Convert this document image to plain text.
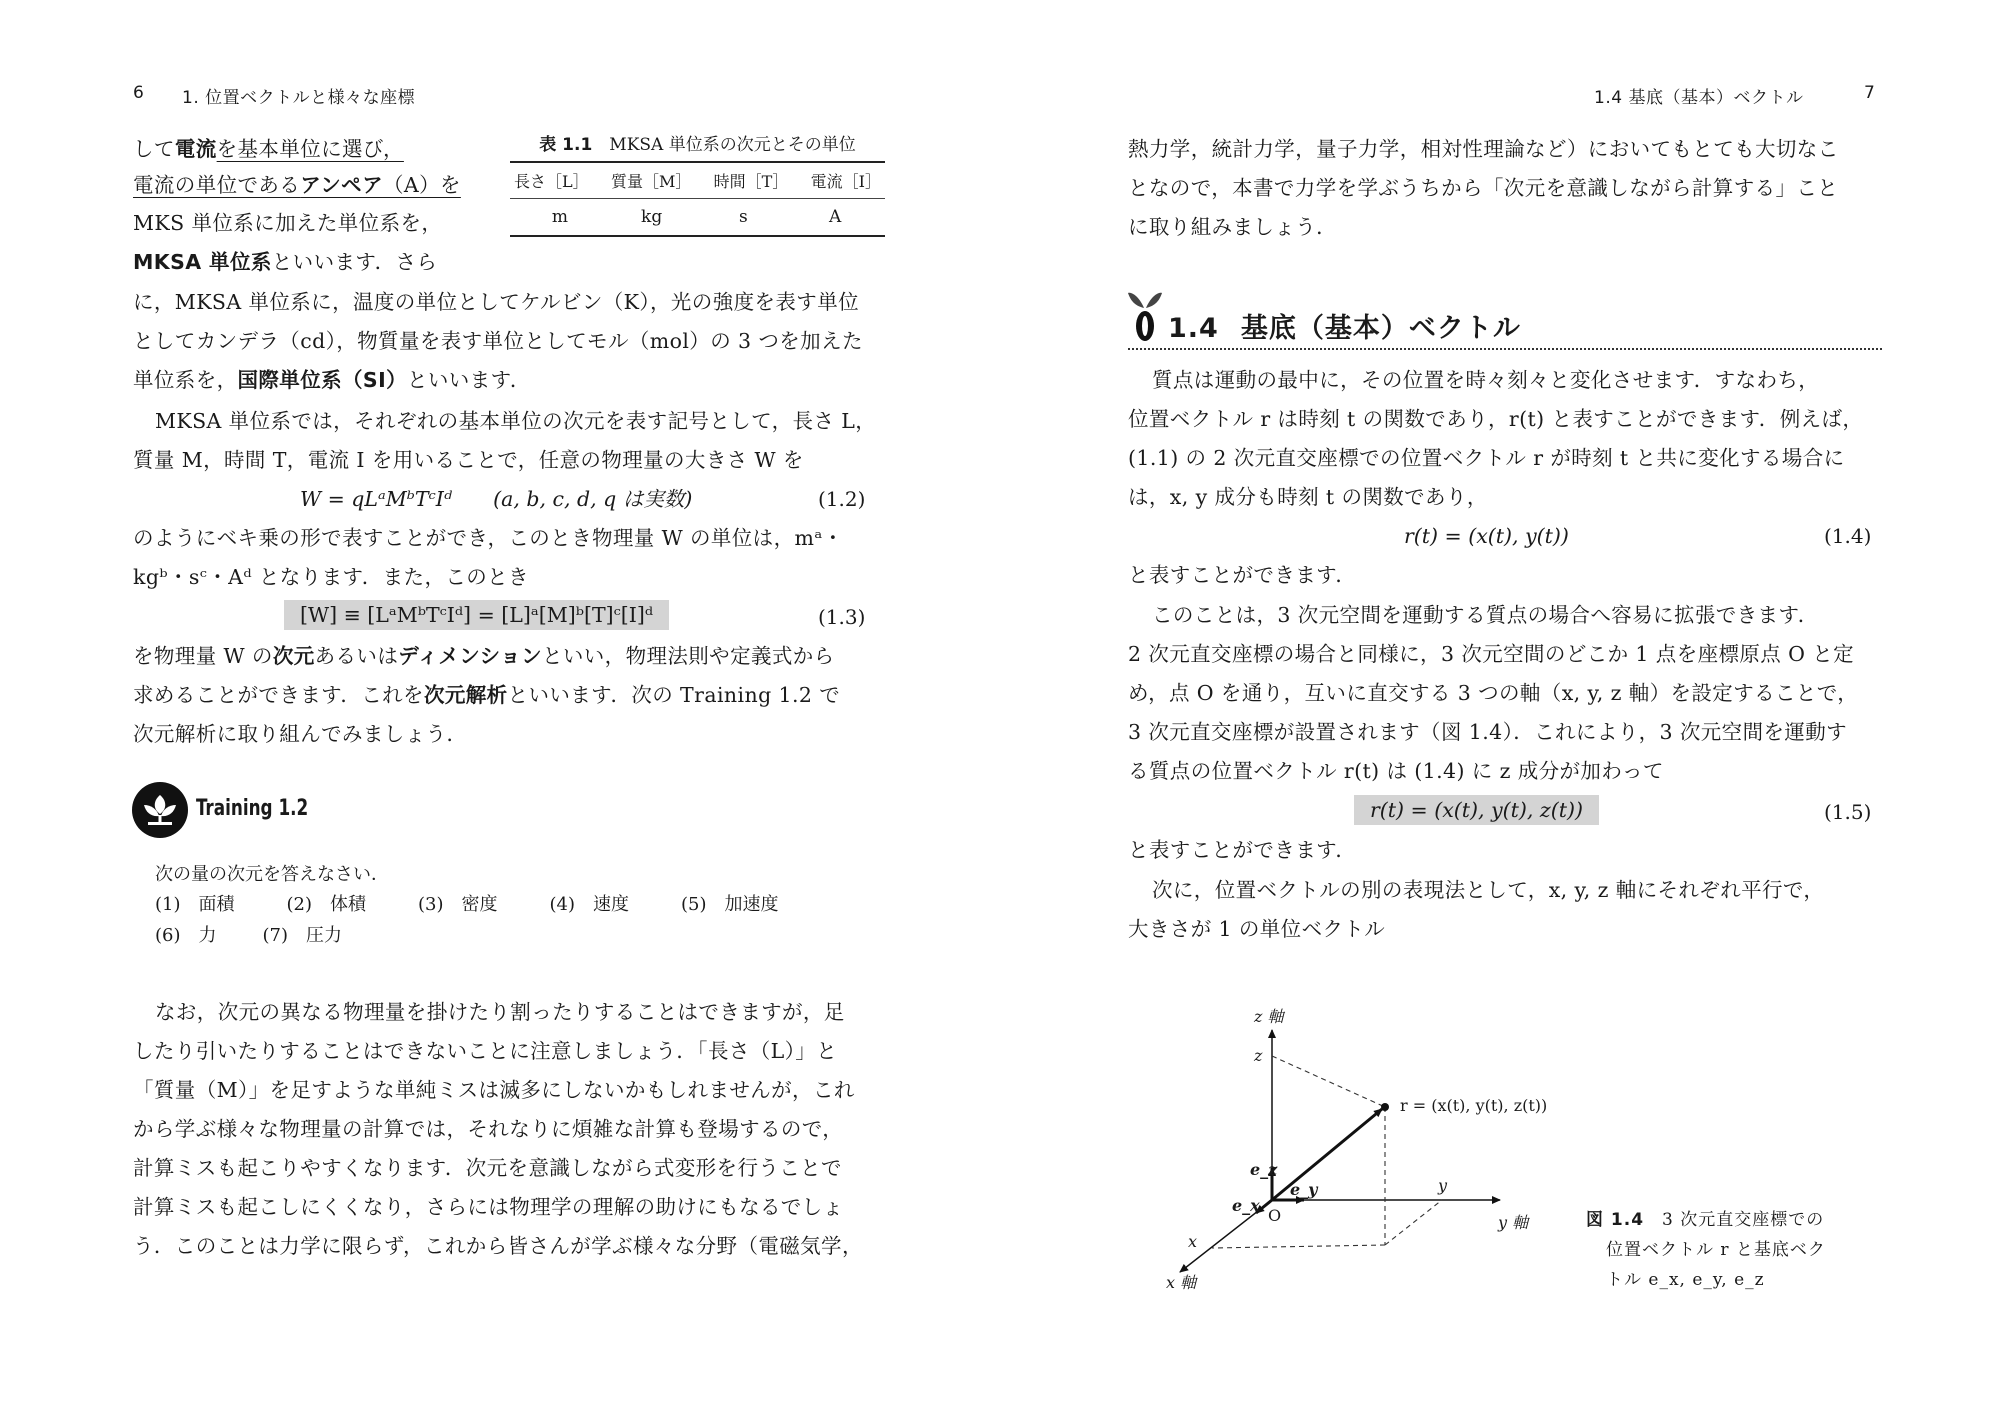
6 1. 位置ベクトルと様々な座標
して電流を基本単位に選び，
電流の単位であるアンペア（A）を
MKS 単位系に加えた単位系を，
MKSA 単位系といいます．さら
表 1.1　 MKSA 単位系の次元とその単位
長さ［L］ 質量［M］ 時間［T］ 電流［I］
m	kg	s	A
に，MKSA 単位系に，温度の単位としてケルビン（K），光の強度を表す単位
としてカンデラ（cd），物質量を表す単位としてモル（mol）の 3 つを加えた
単位系を，国際単位系（SI）といいます．
MKSA 単位系では，それぞれの基本単位の次元を表す記号として，長さ L，
質量 M，時間 T，電流 I を用いることで，任意の物理量の大きさ W を
W = qLᵃMᵇTᶜIᵈ　　(a, b, c, d, q は実数)	(1.2)
のようにベキ乗の形で表すことができ，このとき物理量 W の単位は，mᵃ・
kgᵇ・sᶜ・Aᵈ となります．また，このとき
[W] ≡ [LᵃMᵇTᶜIᵈ] = [L]ᵃ[M]ᵇ[T]ᶜ[I]ᵈ	(1.3)
を物理量 W の次元あるいはディメンションといい，物理法則や定義式から
求めることができます．これを次元解析といいます．次の Training 1.2 で
次元解析に取り組んでみましょう．
Training 1.2
次の量の次元を答えなさい．
(1)　面積	(2)　体積	(3)　密度	(4)　速度	(5)　加速度
(6)　力	(7)　圧力
なお，次元の異なる物理量を掛けたり割ったりすることはできますが，足
したり引いたりすることはできないことに注意しましょう．「長さ（L）」と
「質量（M）」を足すような単純ミスは滅多にしないかもしれませんが，これ
から学ぶ様々な物理量の計算では，それなりに煩雑な計算も登場するので，
計算ミスも起こりやすくなります．次元を意識しながら式変形を行うことで
計算ミスも起こしにくくなり，さらには物理学の理解の助けにもなるでしょ
う．このことは力学に限らず，これから皆さんが学ぶ様々な分野（電磁気学，
1.4 基底（基本）ベクトル	7
熱力学，統計力学，量子力学，相対性理論など）においてもとても大切なこ
となので，本書で力学を学ぶうちから「次元を意識しながら計算する」こと
に取り組みましょう．
1.4 基底（基本）ベクトル
質点は運動の最中に，その位置を時々刻々と変化させます．すなわち，
位置ベクトル r は時刻 t の関数であり，r(t) と表すことができます．例えば，
(1.1) の 2 次元直交座標での位置ベクトル r が時刻 t と共に変化する場合に
は，x, y 成分も時刻 t の関数であり，
r(t) = (x(t), y(t))	(1.4)
と表すことができます．
このことは，3 次元空間を運動する質点の場合へ容易に拡張できます．
2 次元直交座標の場合と同様に，3 次元空間のどこか 1 点を座標原点 O と定
め，点 O を通り，互いに直交する 3 つの軸（x, y, z 軸）を設定することで，
3 次元直交座標が設置されます（図 1.4）．これにより，3 次元空間を運動す
る質点の位置ベクトル r(t) は (1.4) に z 成分が加わって
r(t) = (x(t), y(t), z(t))	(1.5)
と表すことができます．
次に，位置ベクトルの別の表現法として，x, y, z 軸にそれぞれ平行で，
大きさが 1 の単位ベクトル
z 軸
z
r = (x(t), y(t), z(t))
e_z
e_y
e_x
O
y
y 軸
x
x 軸
図 1.4　 3 次元直交座標での
位置ベクトル r と基底ベク
トル e_x, e_y, e_z
